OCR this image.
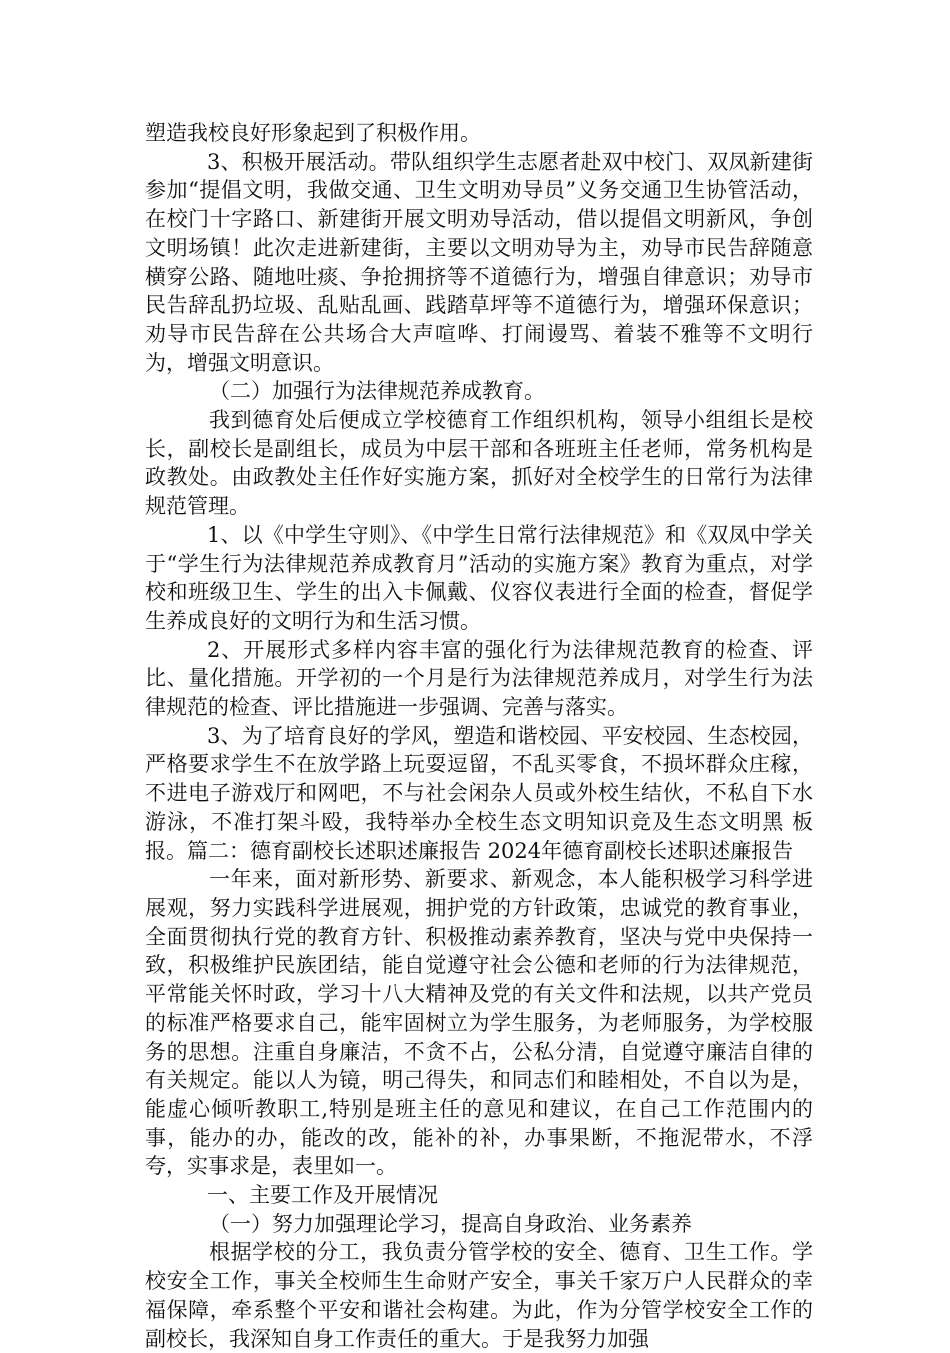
塑造我校良好形象起到了积极作用。

3、积极开展活动。带队组织学生志愿者赴双中校门、双凤新建街参加“提倡文明，我做交通、卫生文明劝导员”义务交通卫生协管活动，在校门十字路口、新建街开展文明劝导活动，借以提倡文明新风，争创文明场镇！此次走进新建街，主要以文明劝导为主，劝导市民告辞随意横穿公路、随地吐痰、争抢拥挤等不道德行为，增强自律意识；劝导市民告辞乱扔垃圾、乱贴乱画、践踏草坪等不道德行为，增强环保意识；劝导市民告辞在公共场合大声喧哗、打闹谩骂、着装不雅等不文明行为，增强文明意识。

（二）加强行为法律规范养成教育。

我到德育处后便成立学校德育工作组织机构，领导小组组长是校长，副校长是副组长，成员为中层干部和各班班主任老师，常务机构是政教处。由政教处主任作好实施方案，抓好对全校学生的日常行为法律规范管理。

1、以《中学生守则》、《中学生日常行法律规范》和《双凤中学关于“学生行为法律规范养成教育月”活动的实施方案》教育为重点，对学校和班级卫生、学生的出入卡佩戴、仪容仪表进行全面的检查，督促学生养成良好的文明行为和生活习惯。

2、开展形式多样内容丰富的强化行为法律规范教育的检查、评比、量化措施。开学初的一个月是行为法律规范养成月，对学生行为法律规范的检查、评比措施进一步强调、完善与落实。

3、为了培育良好的学风，塑造和谐校园、平安校园、生态校园，严格要求学生不在放学路上玩耍逗留，不乱买零食，不损坏群众庄稼，不进电子游戏厅和网吧，不与社会闲杂人员或外校生结伙，不私自下水游泳，不准打架斗殴，我特举办全校生态文明知识竞及生态文明黑 板报。篇二：德育副校长述职述廉报告 2024年德育副校长述职述廉报告

一年来，面对新形势、新要求、新观念，本人能积极学习科学进展观，努力实践科学进展观，拥护党的方针政策，忠诚党的教育事业，全面贯彻执行党的教育方针、积极推动素养教育，坚决与党中央保持一致，积极维护民族团结，能自觉遵守社会公德和老师的行为法律规范，平常能关怀时政，学习十八大精神及党的有关文件和法规，以共产党员的标准严格要求自己，能牢固树立为学生服务，为老师服务，为学校服务的思想。注重自身廉洁，不贪不占，公私分清，自觉遵守廉洁自律的有关规定。能以人为镜，明己得失，和同志们和睦相处，不自以为是，能虚心倾听教职工,特别是班主任的意见和建议，在自己工作范围内的事，能办的办，能改的改，能补的补，办事果断，不拖泥带水，不浮夸，实事求是，表里如一。

一、主要工作及开展情况

（一）努力加强理论学习，提高自身政治、业务素养

根据学校的分工，我负责分管学校的安全、德育、卫生工作。学校安全工作，事关全校师生生命财产安全，事关千家万户人民群众的幸福保障，牵系整个平安和谐社会构建。为此，作为分管学校安全工作的副校长，我深知自身工作责任的重大。于是我努力加强
